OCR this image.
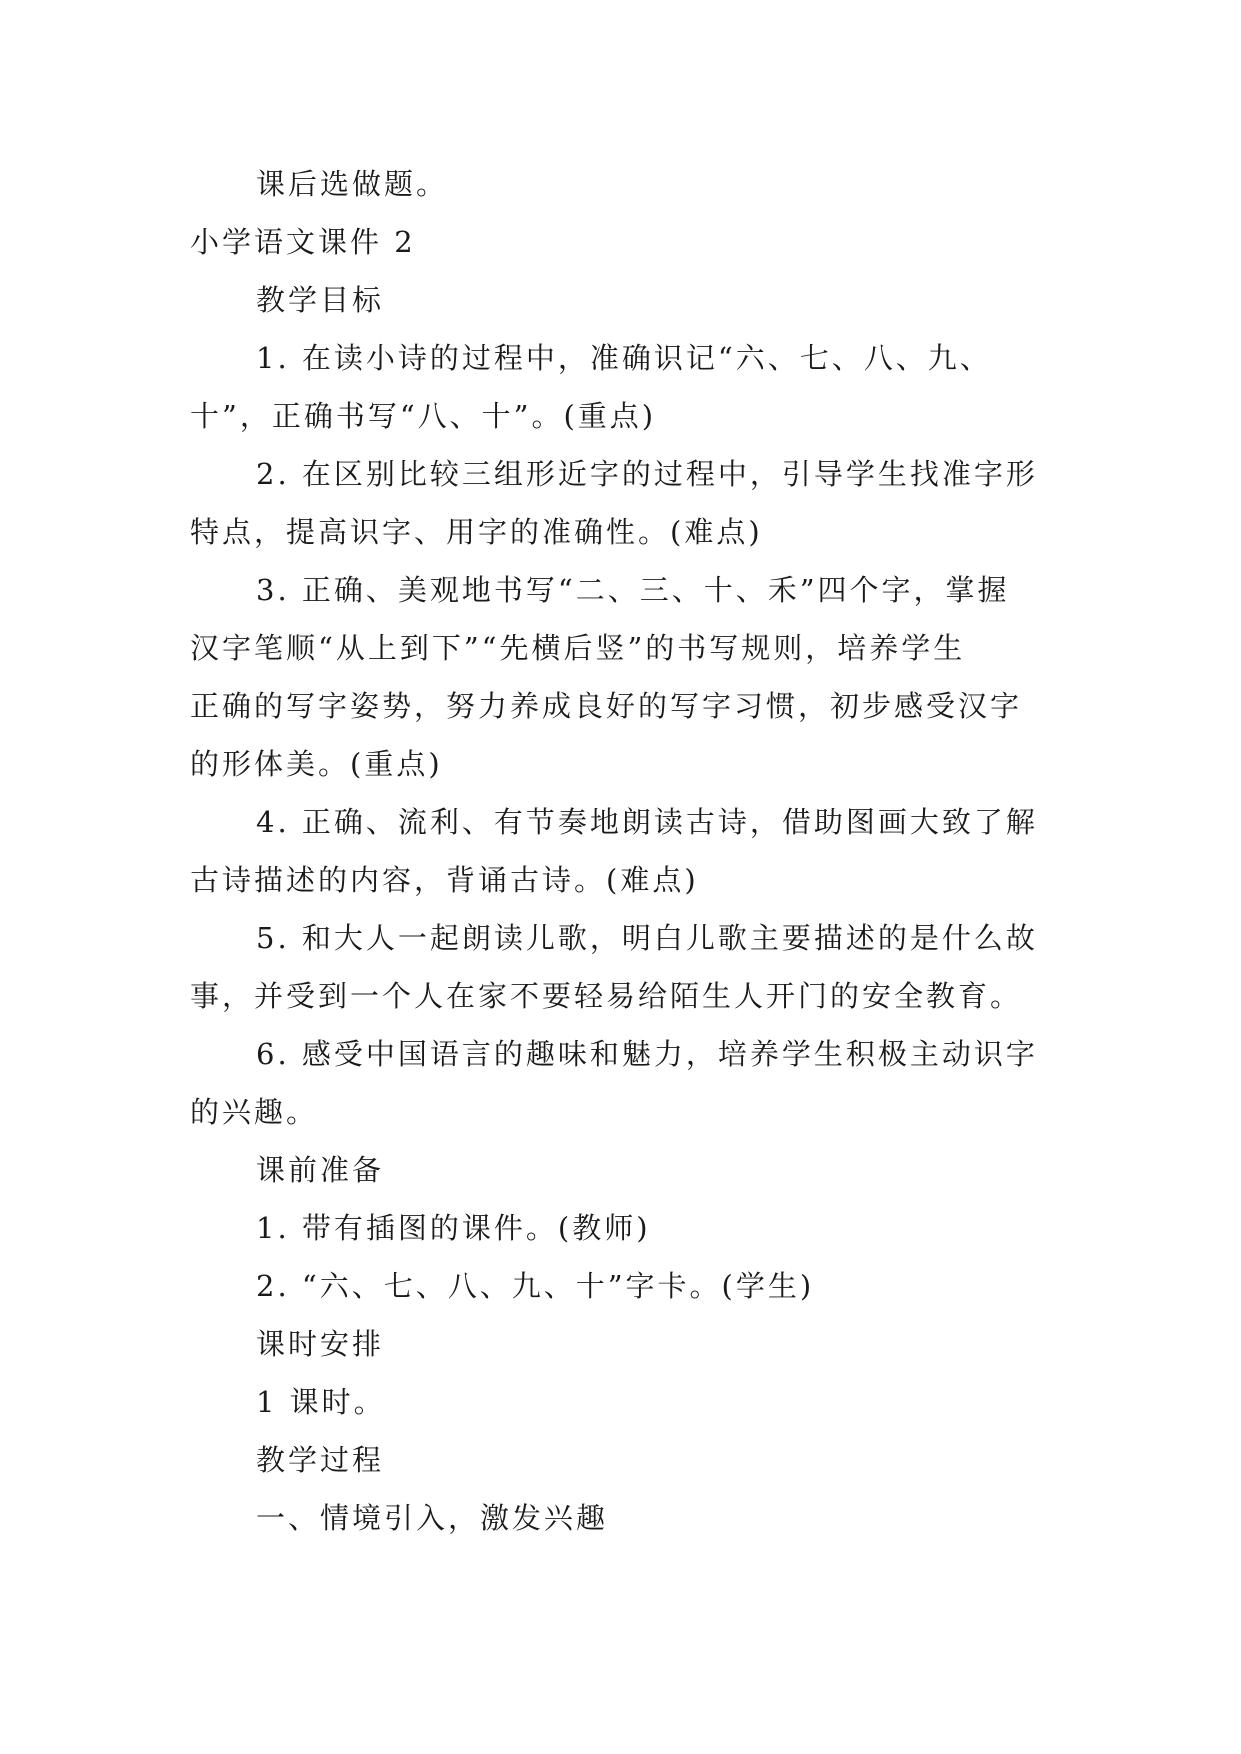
课后选做题。
小学语文课件 2
教学目标
1. 在读小诗的过程中，准确识记“六、七、八、九、
十”，正确书写“八、十”。(重点)
2. 在区别比较三组形近字的过程中，引导学生找准字形
特点，提高识字、用字的准确性。(难点)
3. 正确、美观地书写“二、三、十、禾”四个字，掌握
汉字笔顺“从上到下”“先横后竖”的书写规则，培养学生
正确的写字姿势，努力养成良好的写字习惯，初步感受汉字
的形体美。(重点)
4. 正确、流利、有节奏地朗读古诗，借助图画大致了解
古诗描述的内容，背诵古诗。(难点)
5. 和大人一起朗读儿歌，明白儿歌主要描述的是什么故
事，并受到一个人在家不要轻易给陌生人开门的安全教育。
6. 感受中国语言的趣味和魅力，培养学生积极主动识字
的兴趣。
课前准备
1. 带有插图的课件。(教师)
2. “六、七、八、九、十”字卡。(学生)
课时安排
1 课时。
教学过程
一、情境引入，激发兴趣
